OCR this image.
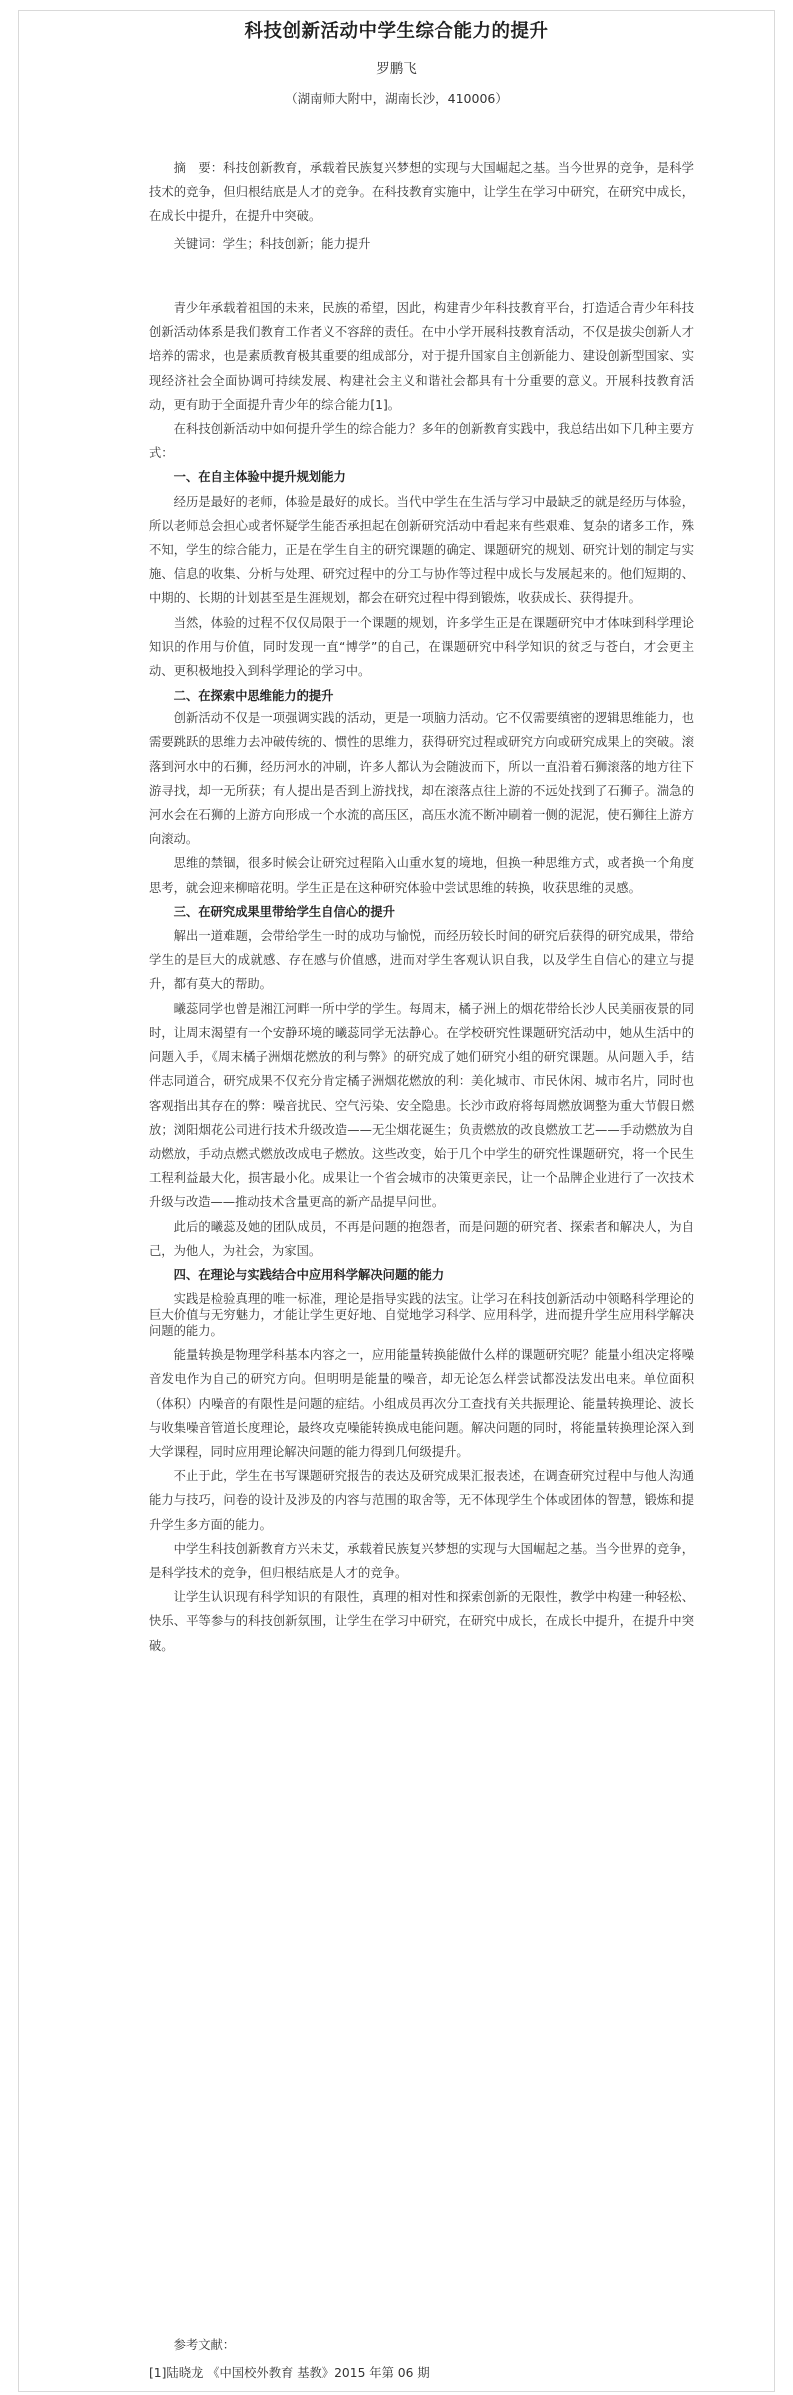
科技创新活动中学生综合能力的提升
罗鹏飞
（湖南师大附中，湖南长沙，410006）

摘　要：科技创新教育，承载着民族复兴梦想的实现与大国崛起之基。当今世界的竞争，是科学技术的竞争，但归根结底是人才的竞争。在科技教育实施中，让学生在学习中研究，在研究中成长，在成长中提升，在提升中突破。

关键词：学生；科技创新；能力提升

青少年承载着祖国的未来，民族的希望，因此，构建青少年科技教育平台，打造适合青少年科技创新活动体系是我们教育工作者义不容辞的责任。在中小学开展科技教育活动，不仅是拔尖创新人才培养的需求，也是素质教育极其重要的组成部分，对于提升国家自主创新能力、建设创新型国家、实现经济社会全面协调可持续发展、构建社会主义和谐社会都具有十分重要的意义。开展科技教育活动，更有助于全面提升青少年的综合能力[1]。

在科技创新活动中如何提升学生的综合能力？多年的创新教育实践中，我总结出如下几种主要方式：

一、在自主体验中提升规划能力

经历是最好的老师，体验是最好的成长。当代中学生在生活与学习中最缺乏的就是经历与体验，所以老师总会担心或者怀疑学生能否承担起在创新研究活动中看起来有些艰难、复杂的诸多工作，殊不知，学生的综合能力，正是在学生自主的研究课题的确定、课题研究的规划、研究计划的制定与实施、信息的收集、分析与处理、研究过程中的分工与协作等过程中成长与发展起来的。他们短期的、中期的、长期的计划甚至是生涯规划，都会在研究过程中得到锻炼，收获成长、获得提升。

当然，体验的过程不仅仅局限于一个课题的规划，许多学生正是在课题研究中才体味到科学理论知识的作用与价值，同时发现一直“博学”的自己，在课题研究中科学知识的贫乏与苍白，才会更主动、更积极地投入到科学理论的学习中。

二、在探索中思维能力的提升

创新活动不仅是一项强调实践的活动，更是一项脑力活动。它不仅需要缜密的逻辑思维能力，也需要跳跃的思维力去冲破传统的、惯性的思维力，获得研究过程或研究方向或研究成果上的突破。滚落到河水中的石狮，经历河水的冲刷，许多人都认为会随波而下，所以一直沿着石狮滚落的地方往下游寻找，却一无所获；有人提出是否到上游找找，却在滚落点往上游的不远处找到了石狮子。湍急的河水会在石狮的上游方向形成一个水流的高压区，高压水流不断冲刷着一侧的泥泥，使石狮往上游方向滚动。

思维的禁锢，很多时候会让研究过程陷入山重水复的境地，但换一种思维方式，或者换一个角度思考，就会迎来柳暗花明。学生正是在这种研究体验中尝试思维的转换，收获思维的灵感。

三、在研究成果里带给学生自信心的提升

解出一道难题，会带给学生一时的成功与愉悦，而经历较长时间的研究后获得的研究成果，带给学生的是巨大的成就感、存在感与价值感，进而对学生客观认识自我，以及学生自信心的建立与提升，都有莫大的帮助。

曦蕊同学也曾是湘江河畔一所中学的学生。每周末，橘子洲上的烟花带给长沙人民美丽夜景的同时，让周末渴望有一个安静环境的曦蕊同学无法静心。在学校研究性课题研究活动中，她从生活中的问题入手，《周末橘子洲烟花燃放的利与弊》的研究成了她们研究小组的研究课题。从问题入手，结伴志同道合，研究成果不仅充分肯定橘子洲烟花燃放的利：美化城市、市民休闲、城市名片，同时也客观指出其存在的弊：噪音扰民、空气污染、安全隐患。长沙市政府将每周燃放调整为重大节假日燃放；浏阳烟花公司进行技术升级改造——无尘烟花诞生；负责燃放的改良燃放工艺——手动燃放为自动燃放，手动点燃式燃放改成电子燃放。这些改变，始于几个中学生的研究性课题研究，将一个民生工程利益最大化，损害最小化。成果让一个省会城市的决策更亲民，让一个品牌企业进行了一次技术升级与改造——推动技术含量更高的新产品提早问世。

此后的曦蕊及她的团队成员，不再是问题的抱怨者，而是问题的研究者、探索者和解决人，为自己，为他人，为社会，为家国。

四、在理论与实践结合中应用科学解决问题的能力

实践是检验真理的唯一标准，理论是指导实践的法宝。让学习在科技创新活动中领略科学理论的巨大价值与无穷魅力，才能让学生更好地、自觉地学习科学、应用科学，进而提升学生应用科学解决问题的能力。

能量转换是物理学科基本内容之一，应用能量转换能做什么样的课题研究呢？能量小组决定将噪音发电作为自己的研究方向。但明明是能量的噪音，却无论怎么样尝试都没法发出电来。单位面积（体积）内噪音的有限性是问题的症结。小组成员再次分工查找有关共振理论、能量转换理论、波长与收集噪音管道长度理论，最终攻克噪能转换成电能问题。解决问题的同时，将能量转换理论深入到大学课程，同时应用理论解决问题的能力得到几何级提升。

不止于此，学生在书写课题研究报告的表达及研究成果汇报表述，在调查研究过程中与他人沟通能力与技巧，问卷的设计及涉及的内容与范围的取舍等，无不体现学生个体或团体的智慧，锻炼和提升学生多方面的能力。

中学生科技创新教育方兴未艾，承载着民族复兴梦想的实现与大国崛起之基。当今世界的竞争，是科学技术的竞争，但归根结底是人才的竞争。

让学生认识现有科学知识的有限性，真理的相对性和探索创新的无限性，教学中构建一种轻松、快乐、平等参与的科技创新氛围，让学生在学习中研究，在研究中成长，在成长中提升，在提升中突破。

参考文献：

[1]陆晓龙 《中国校外教育 基教》2015 年第 06 期
